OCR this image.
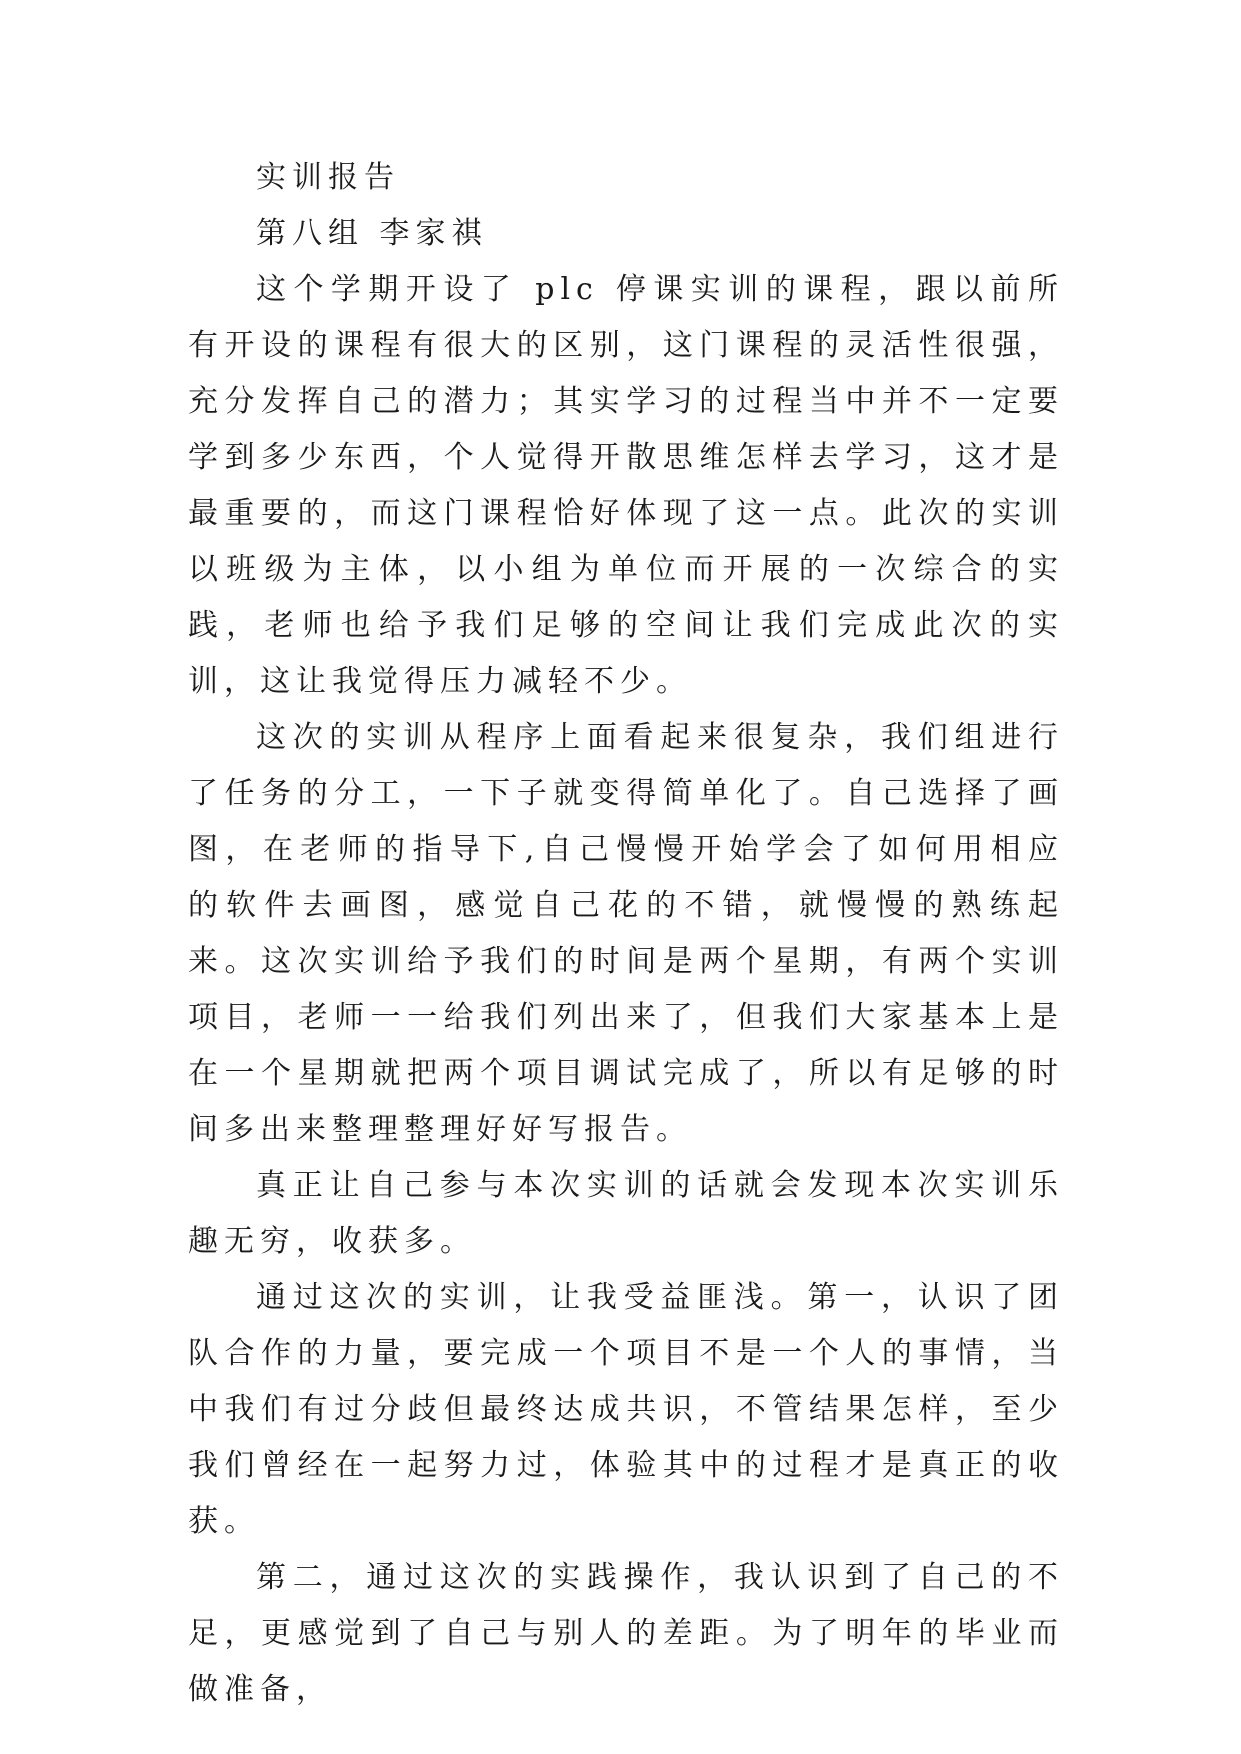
实训报告

第八组 李家祺

这个学期开设了 plc 停课实训的课程，跟以前所有开设的课程有很大的区别，这门课程的灵活性很强，充分发挥自己的潜力；其实学习的过程当中并不一定要学到多少东西，个人觉得开散思维怎样去学习，这才是最重要的，而这门课程恰好体现了这一点。此次的实训以班级为主体，以小组为单位而开展的一次综合的实践，老师也给予我们足够的空间让我们完成此次的实训，这让我觉得压力减轻不少。

这次的实训从程序上面看起来很复杂，我们组进行了任务的分工，一下子就变得简单化了。自己选择了画图，在老师的指导下,自己慢慢开始学会了如何用相应的软件去画图，感觉自己花的不错，就慢慢的熟练起来。这次实训给予我们的时间是两个星期，有两个实训项目，老师一一给我们列出来了，但我们大家基本上是在一个星期就把两个项目调试完成了，所以有足够的时间多出来整理整理好好写报告。

真正让自己参与本次实训的话就会发现本次实训乐趣无穷，收获多。

通过这次的实训，让我受益匪浅。第一，认识了团队合作的力量，要完成一个项目不是一个人的事情，当中我们有过分歧但最终达成共识，不管结果怎样，至少我们曾经在一起努力过，体验其中的过程才是真正的收获。

第二，通过这次的实践操作，我认识到了自己的不足，更感觉到了自己与别人的差距。为了明年的毕业而做准备，
